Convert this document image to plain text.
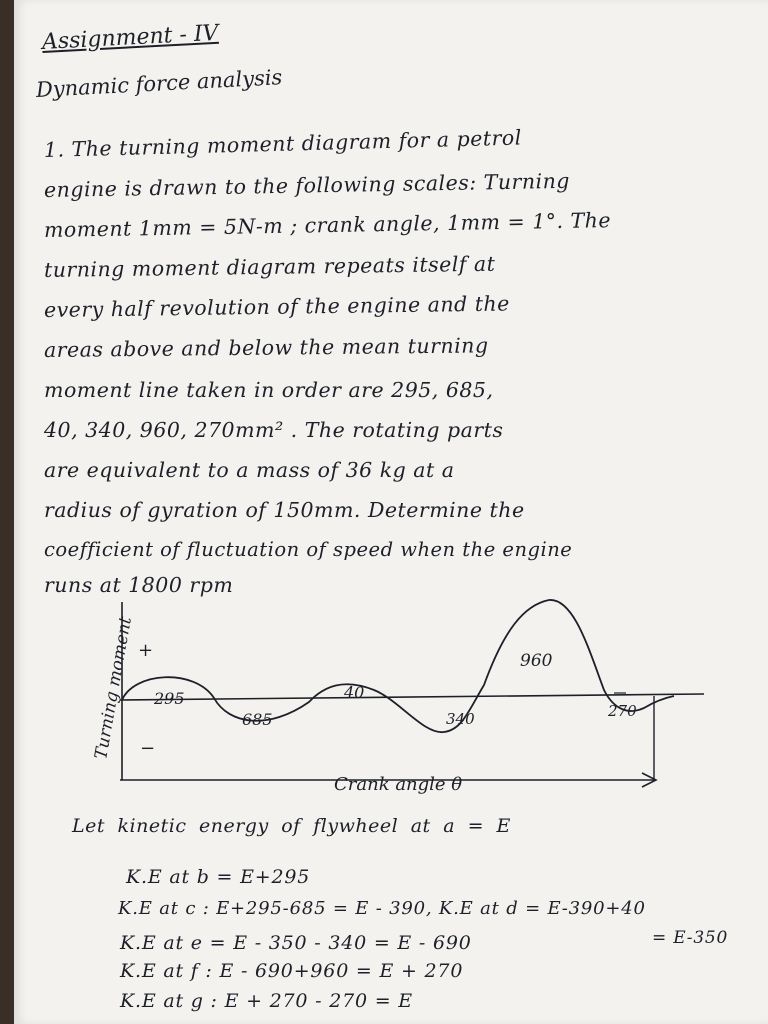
Assignment - IV
Dynamic force analysis
1. The turning moment diagram for a petrol
engine is drawn to the following scales: Turning
moment 1mm = 5N-m ; crank angle, 1mm = 1°. The
turning moment diagram repeats itself at
every half revolution of the engine and the
areas above and below the mean turning
moment line taken in order are 295, 685,
40, 340, 960, 270mm² . The rotating parts
are equivalent to a mass of 36 kg at a
radius of gyration of 150mm. Determine the
coefficient of fluctuation of speed when the engine
runs at 1800 rpm
Turning moment +
−
295
685
40
340
960
270
Crank angle θ
Let kinetic energy of flywheel at a = E
K.E at b = E+295
K.E at c : E+295-685 = E - 390, K.E at d = E-390+40
= E-350
K.E at e = E - 350 - 340 = E - 690
K.E at f : E - 690+960 = E + 270
K.E at g : E + 270 - 270 = E
